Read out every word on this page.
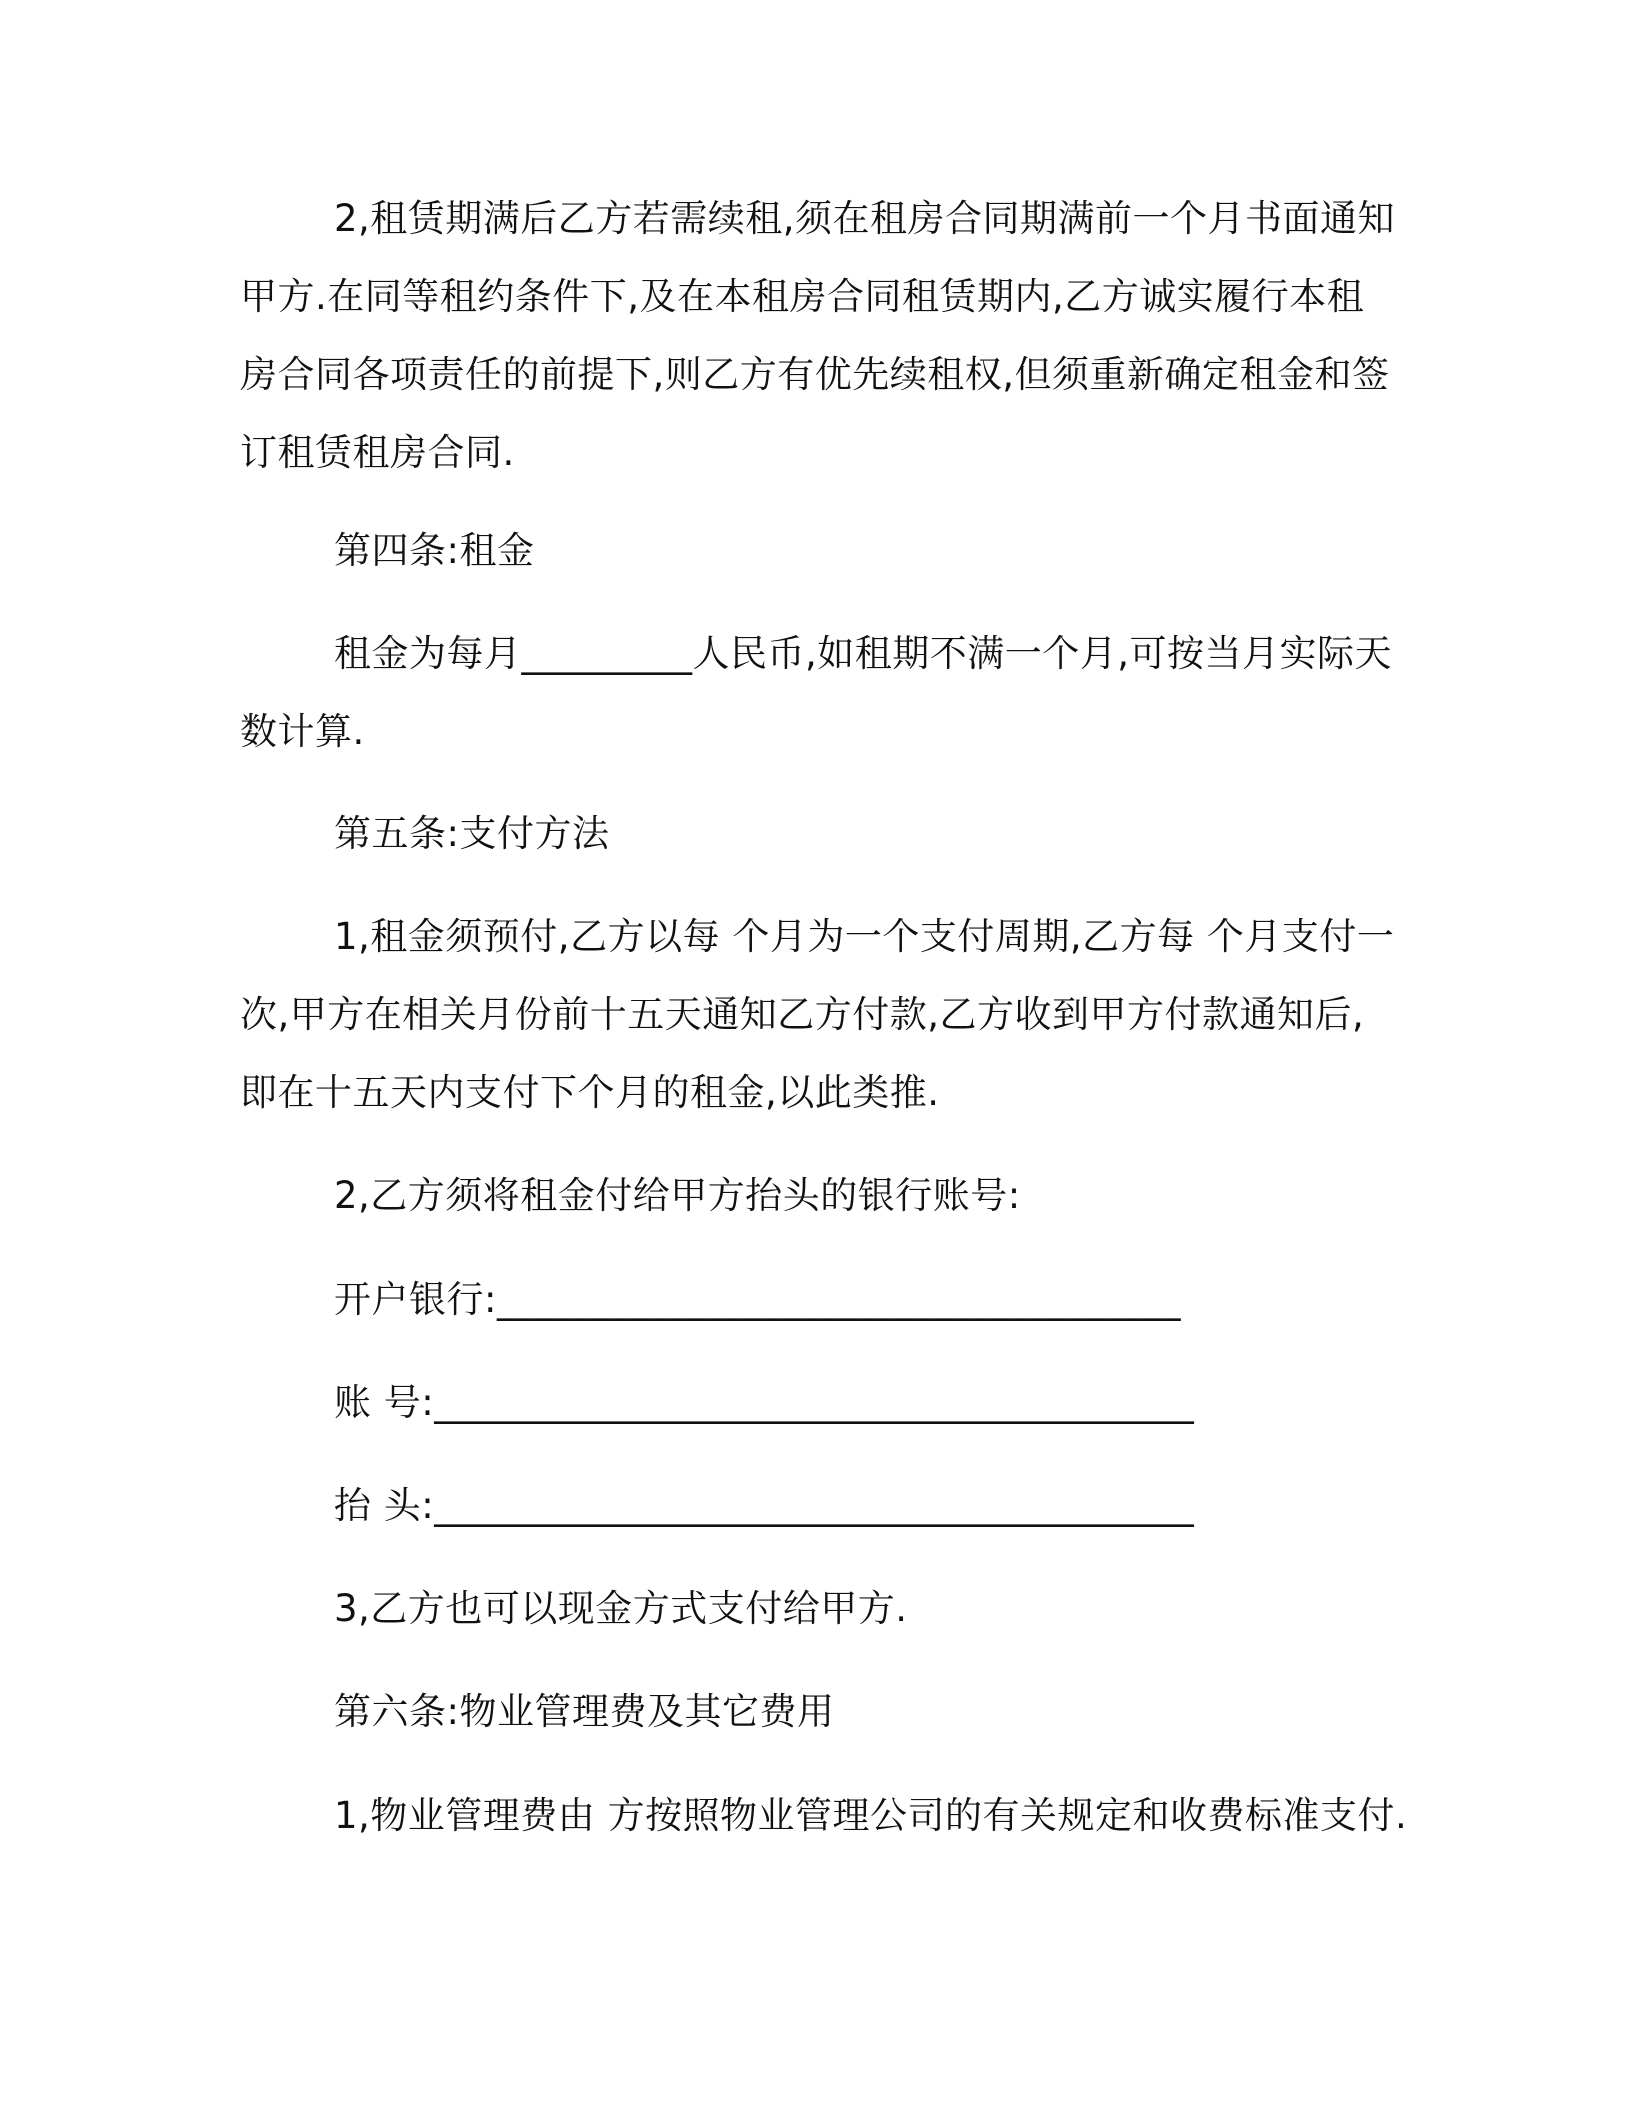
2,租赁期满后乙方若需续租,须在租房合同期满前一个月书面通知
甲方.在同等租约条件下,及在本租房合同租赁期内,乙方诚实履行本租
房合同各项责任的前提下,则乙方有优先续租权,但须重新确定租金和签
订租赁租房合同.
第四条:租金
租金为每月_________人民币,如租期不满一个月,可按当月实际天
数计算.
第五条:支付方法
1,租金须预付,乙方以每 个月为一个支付周期,乙方每 个月支付一
次,甲方在相关月份前十五天通知乙方付款,乙方收到甲方付款通知后,
即在十五天内支付下个月的租金,以此类推.
2,乙方须将租金付给甲方抬头的银行账号:
开户银行:____________________________________
账 号:________________________________________
抬 头:________________________________________
3,乙方也可以现金方式支付给甲方.
第六条:物业管理费及其它费用
1,物业管理费由 方按照物业管理公司的有关规定和收费标准支付.
